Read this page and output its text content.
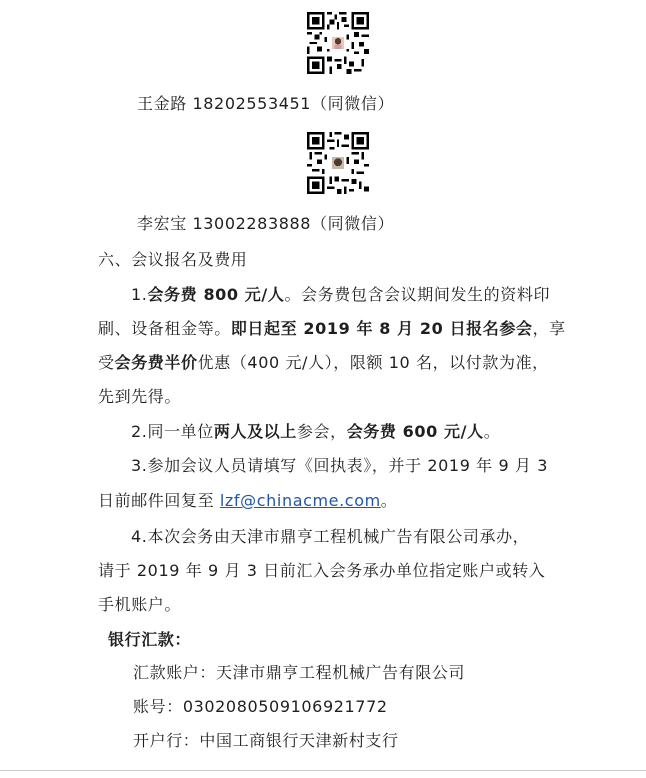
王金路 18202553451（同微信）
李宏宝 13002283888（同微信）
六、会议报名及费用
1.会务费 800 元/人。会务费包含会议期间发生的资料印
刷、设备租金等。即日起至 2019 年 8 月 20 日报名参会，享
受会务费半价优惠（400 元/人），限额 10 名，以付款为准，
先到先得。
2.同一单位两人及以上参会，会务费 600 元/人。
3.参加会议人员请填写《回执表》，并于 2019 年 9 月 3
日前邮件回复至 lzf@chinacme.com。
4.本次会务由天津市鼎亨工程机械广告有限公司承办，
请于 2019 年 9 月 3 日前汇入会务承办单位指定账户或转入
手机账户。
银行汇款：
汇款账户：天津市鼎亨工程机械广告有限公司
账号：0302080509106921772
开户行：中国工商银行天津新村支行
